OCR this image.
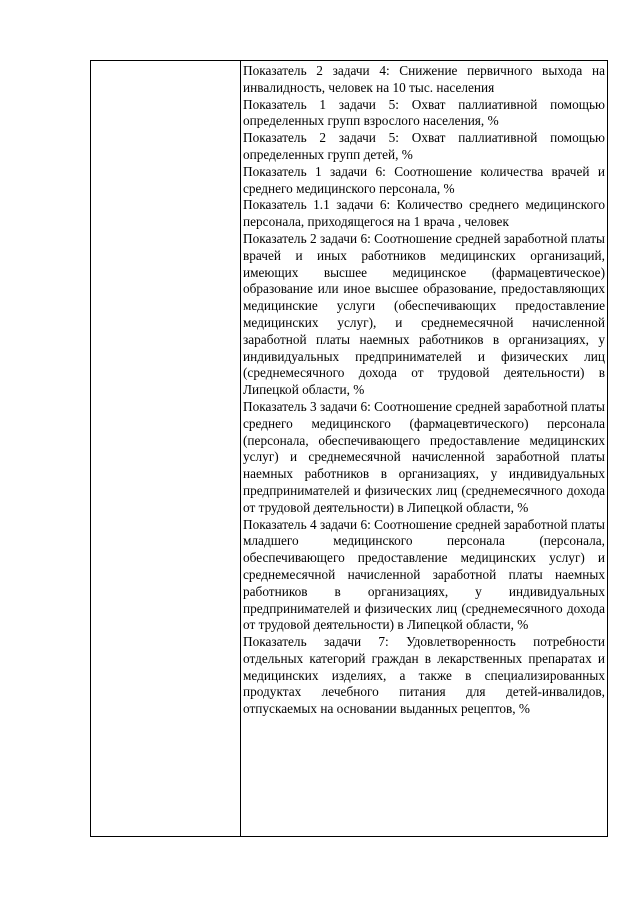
Показатель 2 задачи 4: Снижение первичного выхода на инвалидность, человек на 10 тыс. населения

Показатель 1 задачи 5: Охват паллиативной помощью определенных групп взрослого населения, %

Показатель 2 задачи 5: Охват паллиативной помощью определенных групп детей, %

Показатель 1 задачи 6: Соотношение количества врачей и среднего медицинского персонала, %

Показатель 1.1 задачи 6: Количество среднего медицинского персонала, приходящегося на 1 врача , человек

Показатель 2 задачи 6: Соотношение средней заработной платы врачей и иных работников медицинских организаций, имеющих высшее медицинское (фармацевтическое) образование или иное высшее образование, предоставляющих медицинские услуги (обеспечивающих предоставление медицинских услуг), и среднемесячной начисленной заработной платы наемных работников в организациях, у индивидуальных предпринимателей и физических лиц (среднемесячного дохода от трудовой деятельности) в Липецкой области, %

Показатель 3 задачи 6: Соотношение средней заработной платы среднего медицинского (фармацевтического) персонала (персонала, обеспечивающего предоставление медицинских услуг) и среднемесячной начисленной заработной платы наемных работников в организациях, у индивидуальных предпринимателей и физических лиц (среднемесячного дохода от трудовой деятельности) в Липецкой области, %

Показатель 4 задачи 6: Соотношение средней заработной платы младшего медицинского персонала (персонала, обеспечивающего предоставление медицинских услуг) и среднемесячной начисленной заработной платы наемных работников в организациях, у индивидуальных предпринимателей и физических лиц (среднемесячного дохода от трудовой деятельности) в Липецкой области, %

Показатель задачи 7: Удовлетворенность потребности отдельных категорий граждан в лекарственных препаратах и медицинских изделиях, а также в специализированных продуктах лечебного питания для детей-инвалидов, отпускаемых на основании выданных рецептов, %
